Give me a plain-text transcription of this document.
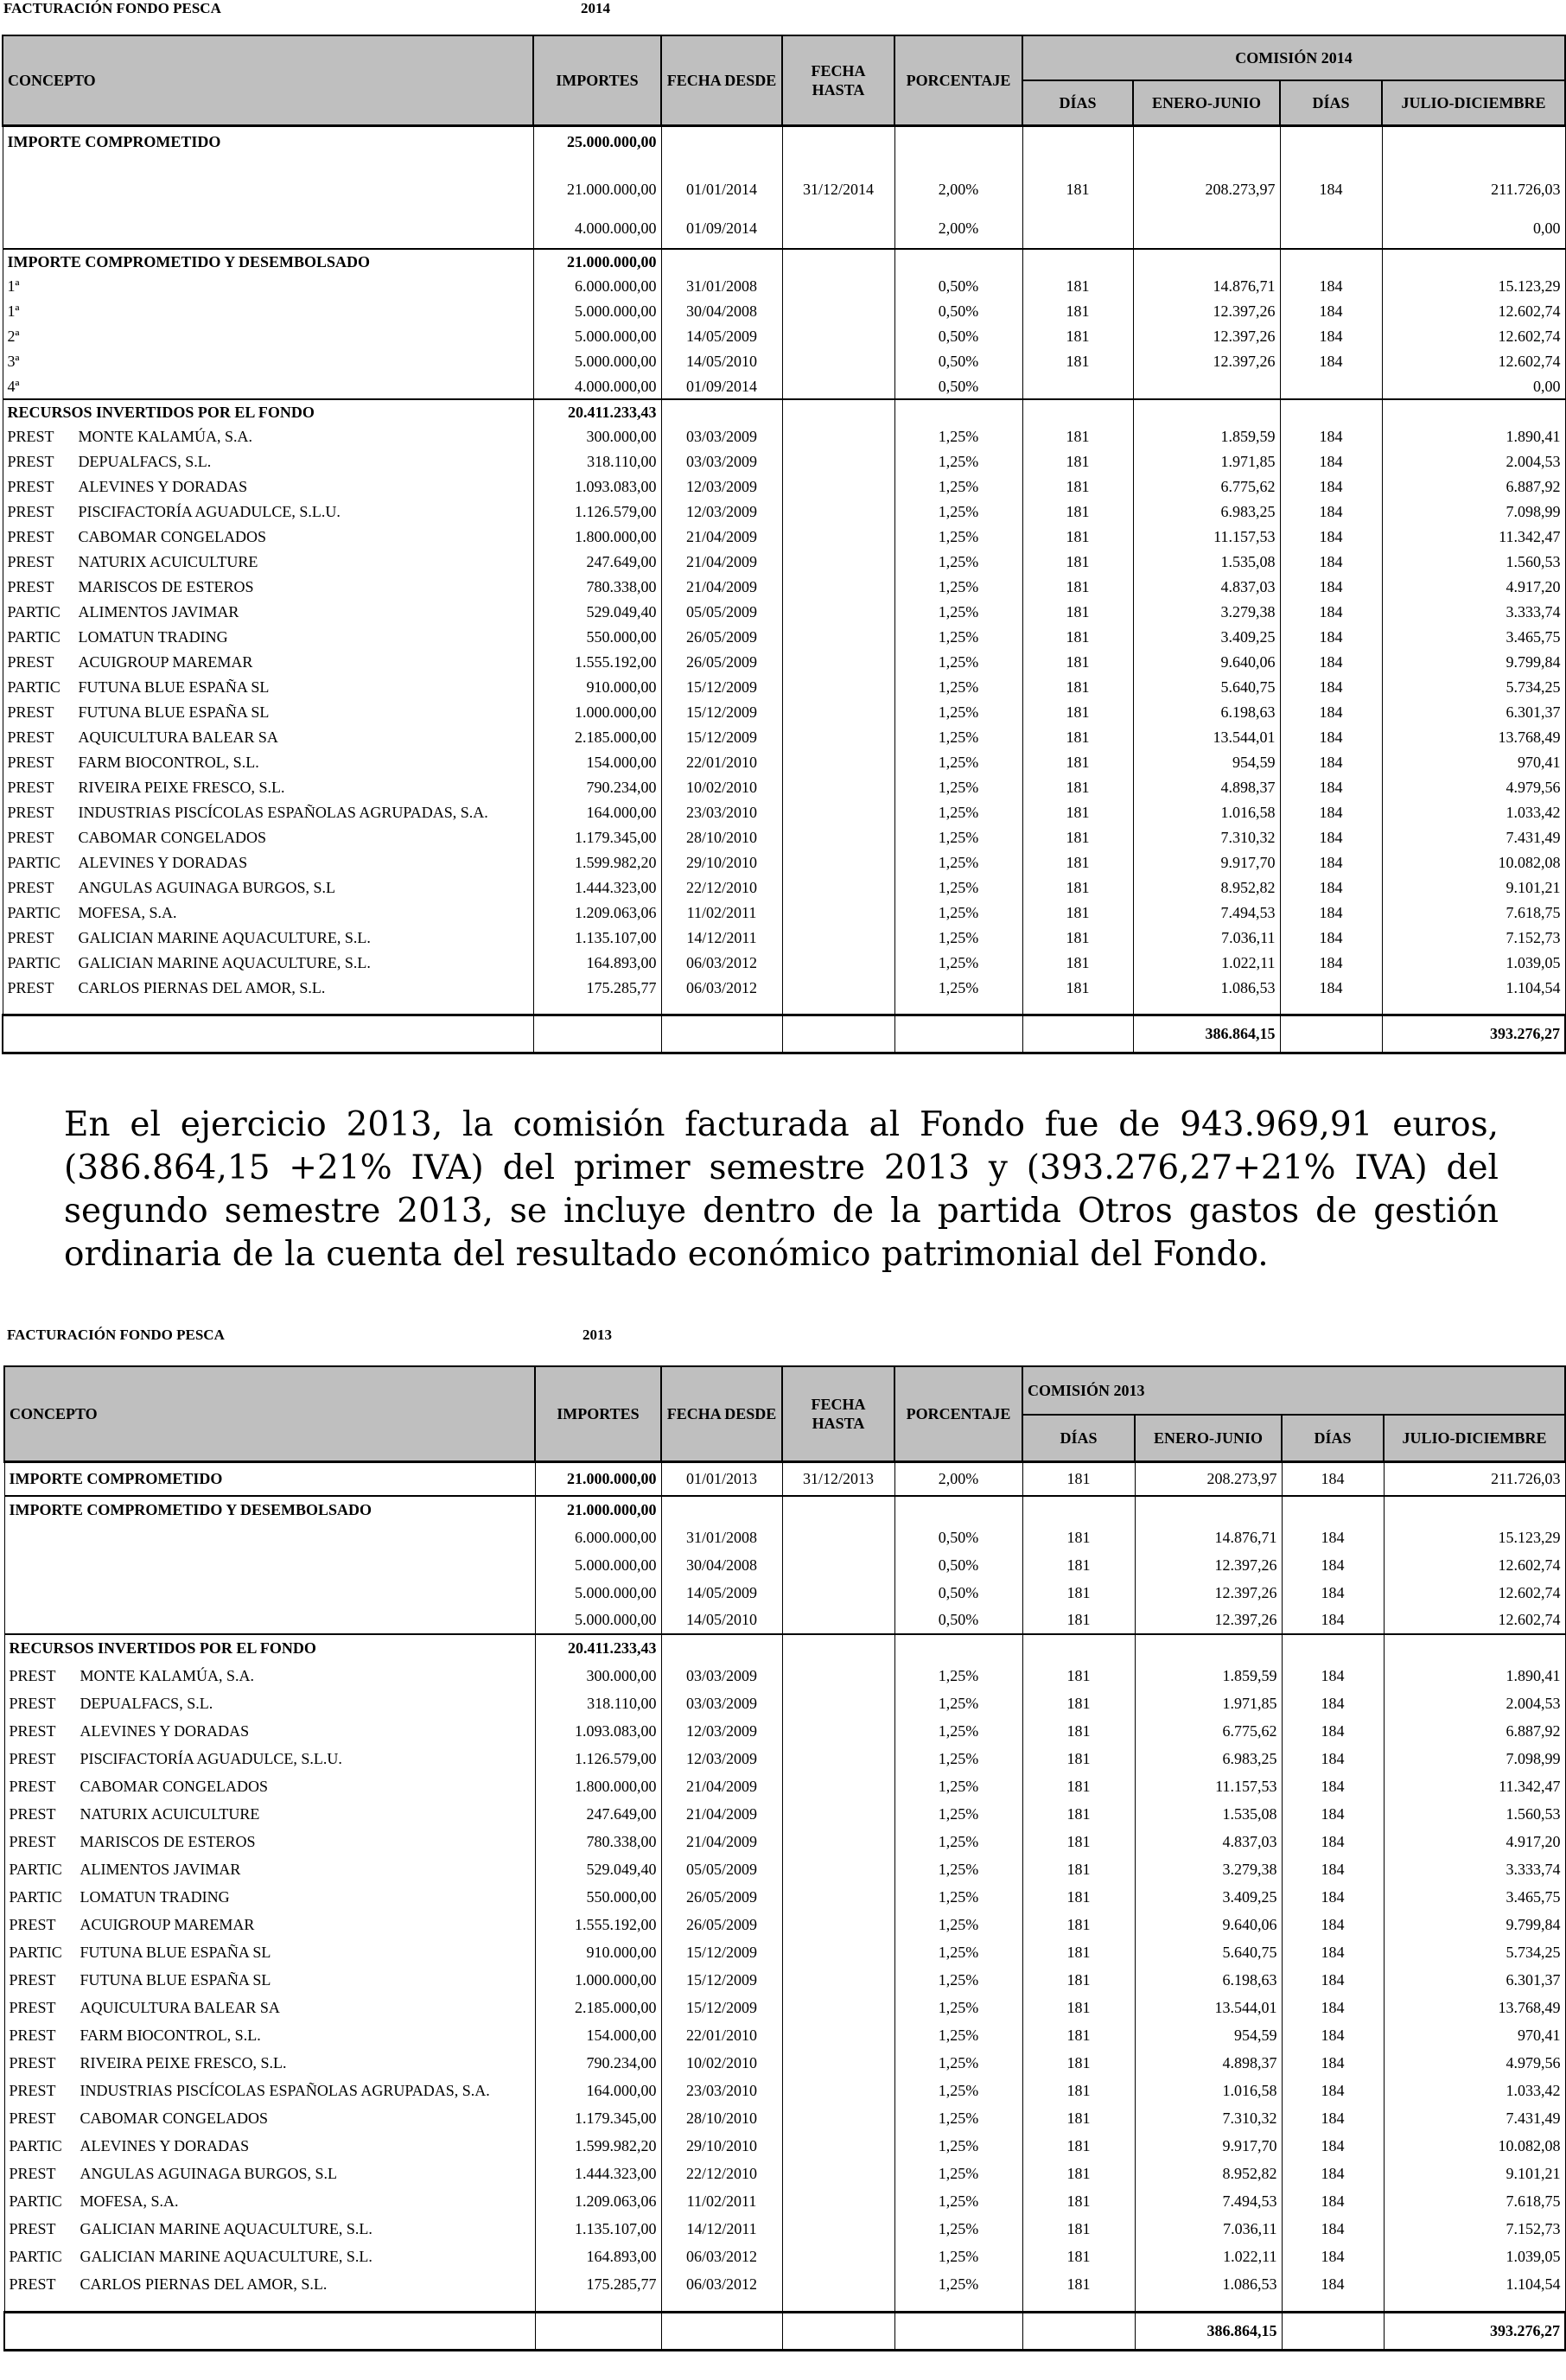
FACTURACIÓN FONDO PESCA	2014
CONCEPTO	IMPORTES	FECHA DESDE	FECHA HASTA	PORCENTAJE	COMISIÓN 2014			
					DÍAS	ENERO-JUNIO	DÍAS	JULIO-DICIEMBRE
IMPORTE COMPROMETIDO	25.000.000,00							

	21.000.000,00	01/01/2014	31/12/2014	2,00%	181	208.273,97	184	211.726,03
	4.000.000,00	01/09/2014		2,00%				0,00
IMPORTE COMPROMETIDO Y DESEMBOLSADO	21.000.000,00							
1ª	6.000.000,00	31/01/2008		0,50%	181	14.876,71	184	15.123,29
1ª	5.000.000,00	30/04/2008		0,50%	181	12.397,26	184	12.602,74
2ª	5.000.000,00	14/05/2009		0,50%	181	12.397,26	184	12.602,74
3ª	5.000.000,00	14/05/2010		0,50%	181	12.397,26	184	12.602,74
4ª	4.000.000,00	01/09/2014		0,50%				0,00
RECURSOS INVERTIDOS POR EL FONDO	20.411.233,43							
PREST MONTE KALAMÚA, S.A.	300.000,00	03/03/2009		1,25%	181	1.859,59	184	1.890,41
PREST DEPUALFACS, S.L.	318.110,00	03/03/2009		1,25%	181	1.971,85	184	2.004,53
PREST ALEVINES Y DORADAS	1.093.083,00	12/03/2009		1,25%	181	6.775,62	184	6.887,92
PREST PISCIFACTORÍA AGUADULCE, S.L.U.	1.126.579,00	12/03/2009		1,25%	181	6.983,25	184	7.098,99
PREST CABOMAR CONGELADOS	1.800.000,00	21/04/2009		1,25%	181	11.157,53	184	11.342,47
PREST NATURIX ACUICULTURE	247.649,00	21/04/2009		1,25%	181	1.535,08	184	1.560,53
PREST MARISCOS DE ESTEROS	780.338,00	21/04/2009		1,25%	181	4.837,03	184	4.917,20
PARTIC ALIMENTOS JAVIMAR	529.049,40	05/05/2009		1,25%	181	3.279,38	184	3.333,74
PARTIC LOMATUN TRADING	550.000,00	26/05/2009		1,25%	181	3.409,25	184	3.465,75
PREST ACUIGROUP MAREMAR	1.555.192,00	26/05/2009		1,25%	181	9.640,06	184	9.799,84
PARTIC FUTUNA BLUE ESPAÑA SL	910.000,00	15/12/2009		1,25%	181	5.640,75	184	5.734,25
PREST FUTUNA BLUE ESPAÑA SL	1.000.000,00	15/12/2009		1,25%	181	6.198,63	184	6.301,37
PREST AQUICULTURA BALEAR SA	2.185.000,00	15/12/2009		1,25%	181	13.544,01	184	13.768,49
PREST FARM BIOCONTROL, S.L.	154.000,00	22/01/2010		1,25%	181	954,59	184	970,41
PREST RIVEIRA PEIXE FRESCO, S.L.	790.234,00	10/02/2010		1,25%	181	4.898,37	184	4.979,56
PREST INDUSTRIAS PISCÍCOLAS ESPAÑOLAS AGRUPADAS, S.A.	164.000,00	23/03/2010		1,25%	181	1.016,58	184	1.033,42
PREST CABOMAR CONGELADOS	1.179.345,00	28/10/2010		1,25%	181	7.310,32	184	7.431,49
PARTIC ALEVINES Y DORADAS	1.599.982,20	29/10/2010		1,25%	181	9.917,70	184	10.082,08
PREST ANGULAS AGUINAGA BURGOS, S.L	1.444.323,00	22/12/2010		1,25%	181	8.952,82	184	9.101,21
PARTIC MOFESA, S.A.	1.209.063,06	11/02/2011		1,25%	181	7.494,53	184	7.618,75
PREST GALICIAN MARINE AQUACULTURE, S.L.	1.135.107,00	14/12/2011		1,25%	181	7.036,11	184	7.152,73
PARTIC GALICIAN MARINE AQUACULTURE, S.L.	164.893,00	06/03/2012		1,25%	181	1.022,11	184	1.039,05
PREST CARLOS PIERNAS DEL AMOR, S.L.	175.285,77	06/03/2012		1,25%	181	1.086,53	184	1.104,54

						386.864,15		393.276,27
En el ejercicio 2013, la comisión facturada al Fondo fue de 943.969,91 euros, (386.864,15 +21% IVA) del primer semestre 2013 y (393.276,27+21% IVA) del segundo semestre 2013, se incluye dentro de la partida Otros gastos de gestión ordinaria de la cuenta del resultado económico patrimonial del Fondo.
FACTURACIÓN FONDO PESCA	2013
CONCEPTO	IMPORTES	FECHA DESDE	FECHA HASTA	PORCENTAJE	COMISIÓN 2013			
					DÍAS	ENERO-JUNIO	DÍAS	JULIO-DICIEMBRE
IMPORTE COMPROMETIDO	21.000.000,00	01/01/2013	31/12/2013	2,00%	181	208.273,97	184	211.726,03
IMPORTE COMPROMETIDO Y DESEMBOLSADO	21.000.000,00							
	6.000.000,00	31/01/2008		0,50%	181	14.876,71	184	15.123,29
	5.000.000,00	30/04/2008		0,50%	181	12.397,26	184	12.602,74
	5.000.000,00	14/05/2009		0,50%	181	12.397,26	184	12.602,74
	5.000.000,00	14/05/2010		0,50%	181	12.397,26	184	12.602,74
RECURSOS INVERTIDOS POR EL FONDO	20.411.233,43							
PREST MONTE KALAMÚA, S.A.	300.000,00	03/03/2009		1,25%	181	1.859,59	184	1.890,41
PREST DEPUALFACS, S.L.	318.110,00	03/03/2009		1,25%	181	1.971,85	184	2.004,53
PREST ALEVINES Y DORADAS	1.093.083,00	12/03/2009		1,25%	181	6.775,62	184	6.887,92
PREST PISCIFACTORÍA AGUADULCE, S.L.U.	1.126.579,00	12/03/2009		1,25%	181	6.983,25	184	7.098,99
PREST CABOMAR CONGELADOS	1.800.000,00	21/04/2009		1,25%	181	11.157,53	184	11.342,47
PREST NATURIX ACUICULTURE	247.649,00	21/04/2009		1,25%	181	1.535,08	184	1.560,53
PREST MARISCOS DE ESTEROS	780.338,00	21/04/2009		1,25%	181	4.837,03	184	4.917,20
PARTIC ALIMENTOS JAVIMAR	529.049,40	05/05/2009		1,25%	181	3.279,38	184	3.333,74
PARTIC LOMATUN TRADING	550.000,00	26/05/2009		1,25%	181	3.409,25	184	3.465,75
PREST ACUIGROUP MAREMAR	1.555.192,00	26/05/2009		1,25%	181	9.640,06	184	9.799,84
PARTIC FUTUNA BLUE ESPAÑA SL	910.000,00	15/12/2009		1,25%	181	5.640,75	184	5.734,25
PREST FUTUNA BLUE ESPAÑA SL	1.000.000,00	15/12/2009		1,25%	181	6.198,63	184	6.301,37
PREST AQUICULTURA BALEAR SA	2.185.000,00	15/12/2009		1,25%	181	13.544,01	184	13.768,49
PREST FARM BIOCONTROL, S.L.	154.000,00	22/01/2010		1,25%	181	954,59	184	970,41
PREST RIVEIRA PEIXE FRESCO, S.L.	790.234,00	10/02/2010		1,25%	181	4.898,37	184	4.979,56
PREST INDUSTRIAS PISCÍCOLAS ESPAÑOLAS AGRUPADAS, S.A.	164.000,00	23/03/2010		1,25%	181	1.016,58	184	1.033,42
PREST CABOMAR CONGELADOS	1.179.345,00	28/10/2010		1,25%	181	7.310,32	184	7.431,49
PARTIC ALEVINES Y DORADAS	1.599.982,20	29/10/2010		1,25%	181	9.917,70	184	10.082,08
PREST ANGULAS AGUINAGA BURGOS, S.L	1.444.323,00	22/12/2010		1,25%	181	8.952,82	184	9.101,21
PARTIC MOFESA, S.A.	1.209.063,06	11/02/2011		1,25%	181	7.494,53	184	7.618,75
PREST GALICIAN MARINE AQUACULTURE, S.L.	1.135.107,00	14/12/2011		1,25%	181	7.036,11	184	7.152,73
PARTIC GALICIAN MARINE AQUACULTURE, S.L.	164.893,00	06/03/2012		1,25%	181	1.022,11	184	1.039,05
PREST CARLOS PIERNAS DEL AMOR, S.L.	175.285,77	06/03/2012		1,25%	181	1.086,53	184	1.104,54

						386.864,15		393.276,27
